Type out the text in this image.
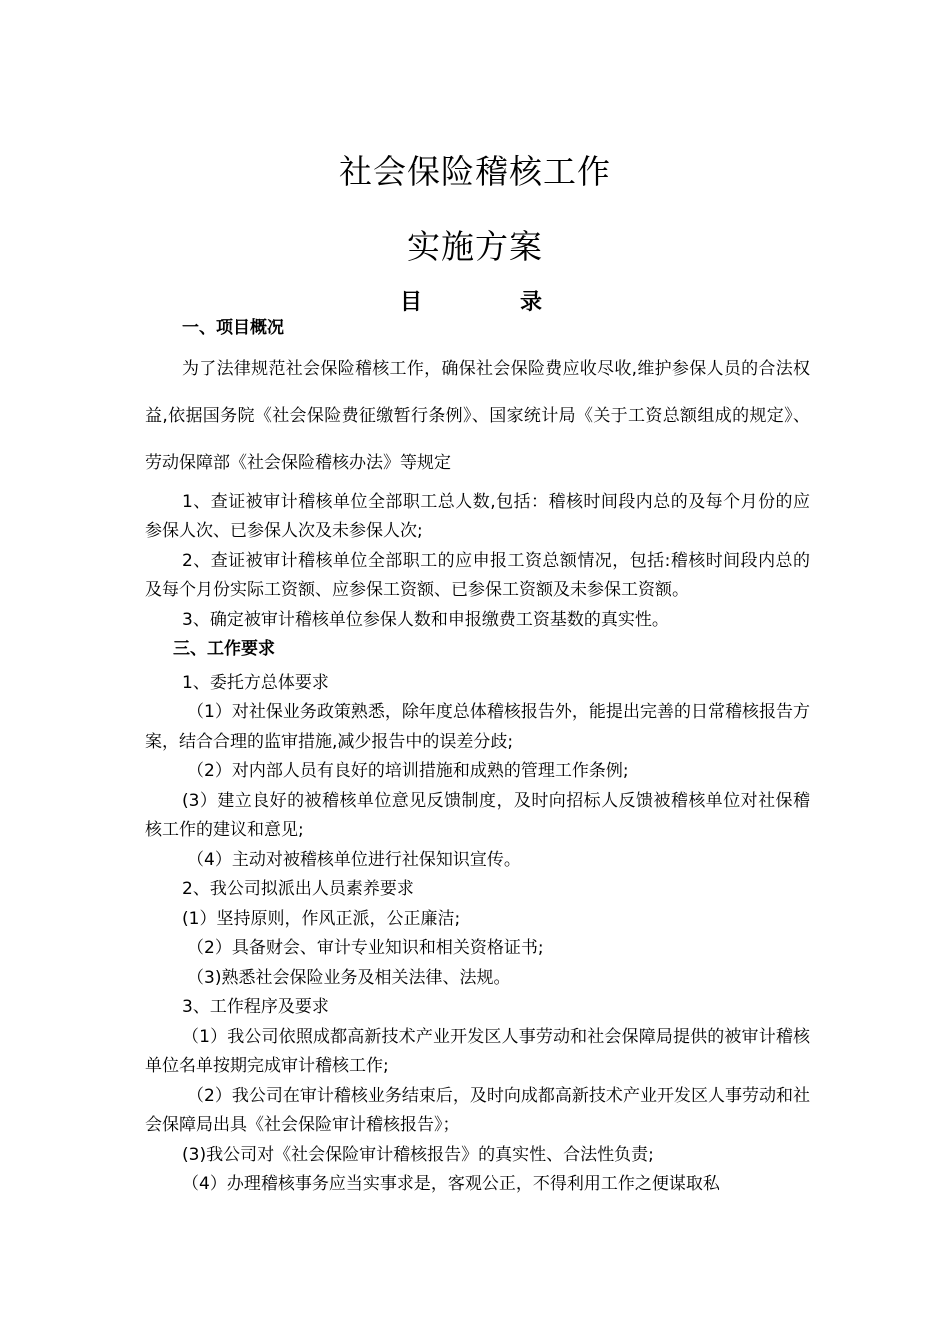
社会保险稽核工作
实施方案
目　录

一、项目概况

为了法律规范社会保险稽核工作，确保社会保险费应收尽收,维护参保人员的合法权益,依据国务院《社会保险费征缴暂行条例》、国家统计局《关于工资总额组成的规定》、劳动保障部《社会保险稽核办法》等规定

1、查证被审计稽核单位全部职工总人数,包括：稽核时间段内总的及每个月份的应参保人次、已参保人次及未参保人次;

2、查证被审计稽核单位全部职工的应申报工资总额情况，包括:稽核时间段内总的及每个月份实际工资额、应参保工资额、已参保工资额及未参保工资额。

3、确定被审计稽核单位参保人数和申报缴费工资基数的真实性。

三、工作要求

1、委托方总体要求

（1）对社保业务政策熟悉，除年度总体稽核报告外，能提出完善的日常稽核报告方案，结合合理的监审措施,减少报告中的误差分歧;

（2）对内部人员有良好的培训措施和成熟的管理工作条例;

(3）建立良好的被稽核单位意见反馈制度，及时向招标人反馈被稽核单位对社保稽核工作的建议和意见;

（4）主动对被稽核单位进行社保知识宣传。

2、我公司拟派出人员素养要求

(1）坚持原则，作风正派，公正廉洁;

（2）具备财会、审计专业知识和相关资格证书;

（3)熟悉社会保险业务及相关法律、法规。

3、工作程序及要求

（1）我公司依照成都高新技术产业开发区人事劳动和社会保障局提供的被审计稽核单位名单按期完成审计稽核工作;

（2）我公司在审计稽核业务结束后，及时向成都高新技术产业开发区人事劳动和社会保障局出具《社会保险审计稽核报告》；

(3)我公司对《社会保险审计稽核报告》的真实性、合法性负责;

（4）办理稽核事务应当实事求是，客观公正，不得利用工作之便谋取私
